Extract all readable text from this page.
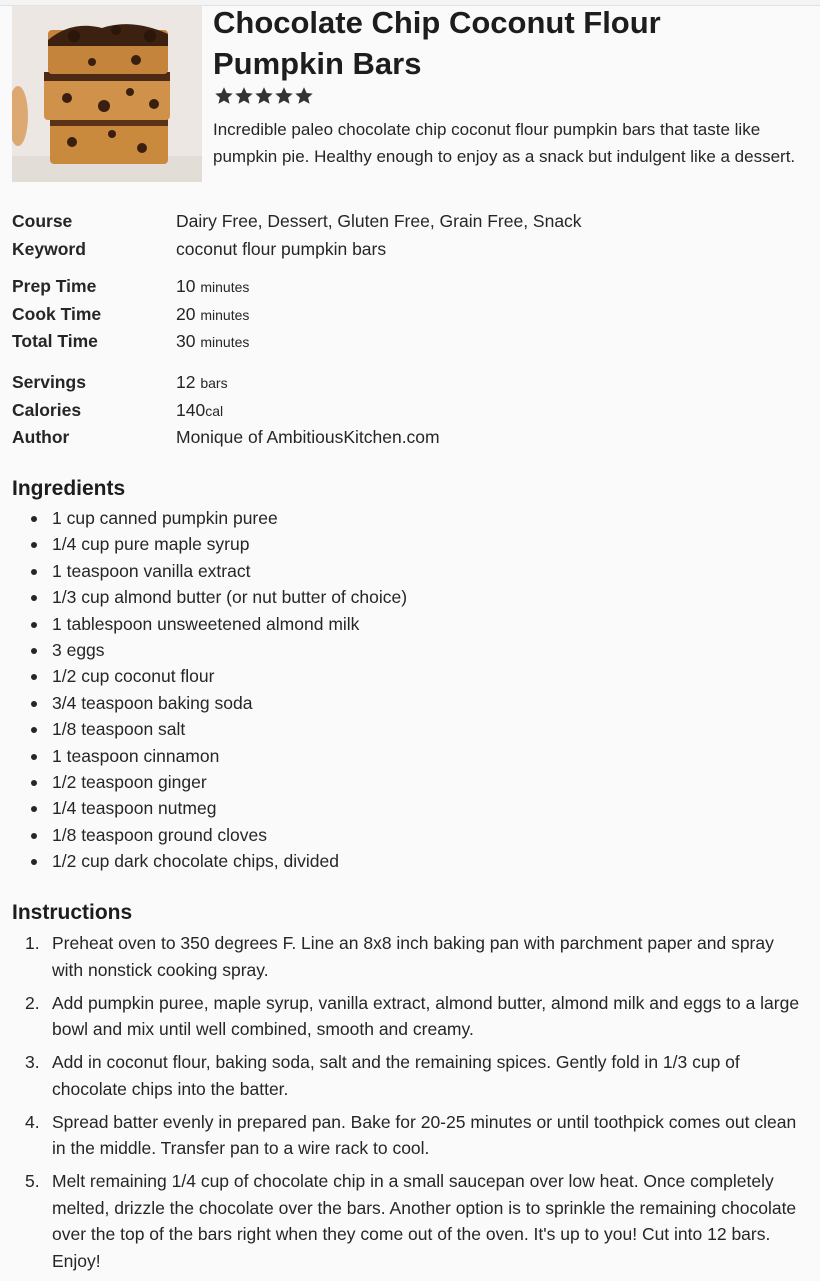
Chocolate Chip Coconut Flour Pumpkin Bars

Incredible paleo chocolate chip coconut flour pumpkin bars that taste like pumpkin pie. Healthy enough to enjoy as a snack but indulgent like a dessert.

Course	Dairy Free, Dessert, Gluten Free, Grain Free, Snack
Keyword	coconut flour pumpkin bars
Prep Time	10 minutes
Cook Time	20 minutes
Total Time	30 minutes
Servings	12 bars
Calories	140cal
Author	Monique of AmbitiousKitchen.com
Ingredients
1 cup canned pumpkin puree
1/4 cup pure maple syrup
1 teaspoon vanilla extract
1/3 cup almond butter (or nut butter of choice)
1 tablespoon unsweetened almond milk
3 eggs
1/2 cup coconut flour
3/4 teaspoon baking soda
1/8 teaspoon salt
1 teaspoon cinnamon
1/2 teaspoon ginger
1/4 teaspoon nutmeg
1/8 teaspoon ground cloves
1/2 cup dark chocolate chips, divided
Instructions
1. Preheat oven to 350 degrees F. Line an 8x8 inch baking pan with parchment paper and spray with nonstick cooking spray.
2. Add pumpkin puree, maple syrup, vanilla extract, almond butter, almond milk and eggs to a large bowl and mix until well combined, smooth and creamy.
3. Add in coconut flour, baking soda, salt and the remaining spices. Gently fold in 1/3 cup of chocolate chips into the batter.
4. Spread batter evenly in prepared pan. Bake for 20-25 minutes or until toothpick comes out clean in the middle. Transfer pan to a wire rack to cool.
5. Melt remaining 1/4 cup of chocolate chip in a small saucepan over low heat. Once completely melted, drizzle the chocolate over the bars. Another option is to sprinkle the remaining chocolate over the top of the bars right when they come out of the oven. It's up to you! Cut into 12 bars. Enjoy!
